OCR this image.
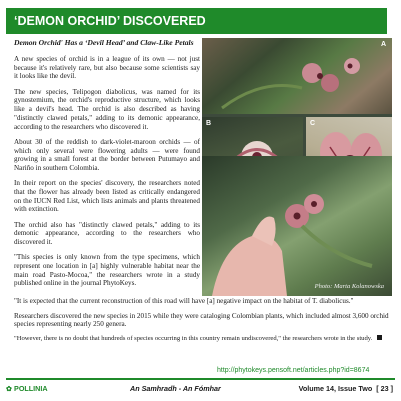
‘DEMON ORCHID’ DISCOVERED
Demon Orchid' Has a ‘Devil Head’ and Claw-Like Petals

A new species of orchid is in a league of its own — not just because it's relatively rare, but also because some scientists say it looks like the devil.

The new species, Telipogon diabolicus, was named for its gynostemium, the orchid's reproductive structure, which looks like a devil's head. The orchid is also described as having "distinctly clawed petals," adding to its demonic appearance, according to the researchers who discovered it.

About 30 of the reddish to dark-violet-maroon orchids — of which only several were flowering adults — were found growing in a small forest at the border between Putumayo and Nariño in southern Colombia.

In their report on the species' discovery, the researchers noted that the flower has already been listed as critically endangered on the IUCN Red List, which lists animals and plants threatened with extinction.

The orchid also has "distinctly clawed petals," adding to its demonic appearance, according to the researchers who discovered it.

"This species is only known from the type specimens, which represent one location in [a] highly vulnerable habitat near the main road Pasto-Mocoa," the researchers wrote in a study published online in the journal PhytoKeys.

A
B	C
Photo: Marta Kolanowska

"It is expected that the current reconstruction of this road will have [a] negative impact on the habitat of T. diabolicus."

Researchers discovered the new species in 2015 while they were cataloging Colombian plants, which included almost 3,600 orchid species representing nearly 250 genera.

"However, there is no doubt that hundreds of species occurring in this country remain undiscovered," the researchers wrote in the study.

http://phytokeys.pensoft.net/articles.php?id=8674
✿ POLLINIA	An Samhradh - An Fómhar	Volume 14, Issue Two [ 23 ]
